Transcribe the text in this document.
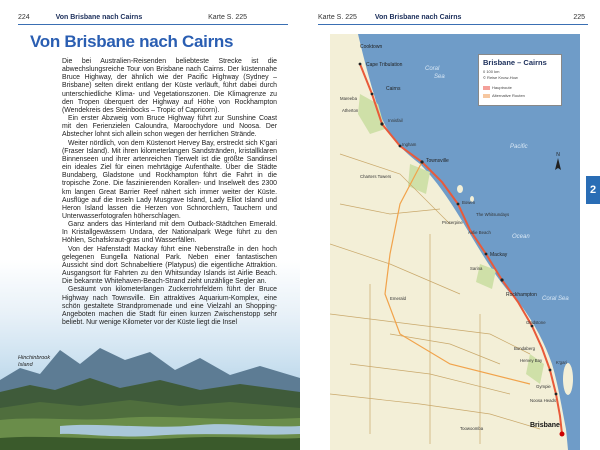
224	Von Brisbane nach Cairns	Karte S. 225
Von Brisbane nach Cairns

Die bei Australien-Reisenden beliebteste Strecke ist die abwechslungsreiche Tour von Brisbane nach Cairns. Der küstennahe Bruce Highway, der ähnlich wie der Pacific Highway (Sydney – Brisbane) selten direkt entlang der Küste verläuft, führt dabei durch unterschiedliche Klima- und Vegetationszonen. Die Klimagrenze zu den Tropen überquert der Highway auf Höhe von Rockhampton (Wendekreis des Steinbocks – Tropic of Capricorn).

Ein erster Abzweig vom Bruce Highway führt zur Sunshine Coast mit den Ferienzielen Caloundra, Maroochydore und Noosa. Der Abstecher lohnt sich allein schon wegen der herrlichen Strände.

Weiter nördlich, von dem Küstenort Hervey Bay, erstreckt sich K'gari (Fraser Island). Mit ihren kilometerlangen Sandstränden, kristallklaren Binnenseen und ihrer artenreichen Tierwelt ist die größte Sandinsel ein ideales Ziel für einen mehrtägige Aufenthalte. Über die Städte Bundaberg, Gladstone und Rockhampton führt die Fahrt in die tropische Zone. Die faszinierenden Korallen- und Inselwelt des 2300 km langen Great Barrier Reef nähert sich immer weiter der Küste. Ausflüge auf die Inseln Lady Musgrave Island, Lady Elliot Island und Heron Island lassen die Herzen von Schnorchlern, Tauchern und Unterwasserfotografen höherschlagen.

Ganz anders das Hinterland mit dem Outback-Städtchen Emerald. In Kristallgewässern Undara, der Nationalpark Wege führt zu den Höhlen, Schafskraut-gras und Wasserfällen.

Von der Hafenstadt Mackay führt eine Nebenstraße in den hoch gelegenen Eungella National Park. Neben einer fantastischen Aussicht sind dort Schnabeltiere (Platypus) die eigentliche Attraktion. Ausgangsort für Fahrten zu den Whitsunday Islands ist Airlie Beach. Die bekannte Whitehaven-Beach-Strand zieht unzählige Segler an.

Gesäumt von kilometerlangen Zuckerrohrfeldern führt der Bruce Highway nach Townsville. Ein attraktives Aquarium-Komplex, eine schön gestaltete Strandpromenade und eine Vielzahl an Shopping-Angeboten machen die Stadt für einen kurzen Zwischenstopp sehr beliebt. Nur wenige Kilometer vor der Küste liegt die Insel

Hinchinbrook Island
Karte S. 225	Von Brisbane nach Cairns	225
N
Cooktown
Cape Tribulation
Cairns
Mareeba
Atherton
Innisfail
Ingham
Townsville
Charters Towers
Bowen
The Whitsundays
Proserpine
Airlie Beach
Mackay
Sarina
Emerald
Rockhampton
Gladstone
Bundaberg
Hervey Bay	K'gari
Gympie
Noosa Heads
Toowoomba	Brisbane
Coral
Sea
Pacific
Ocean
Coral Sea
Brisbane – Cairns
0 100 km
© Reise Know-How
Hauptroute
Alternative Routen
2
